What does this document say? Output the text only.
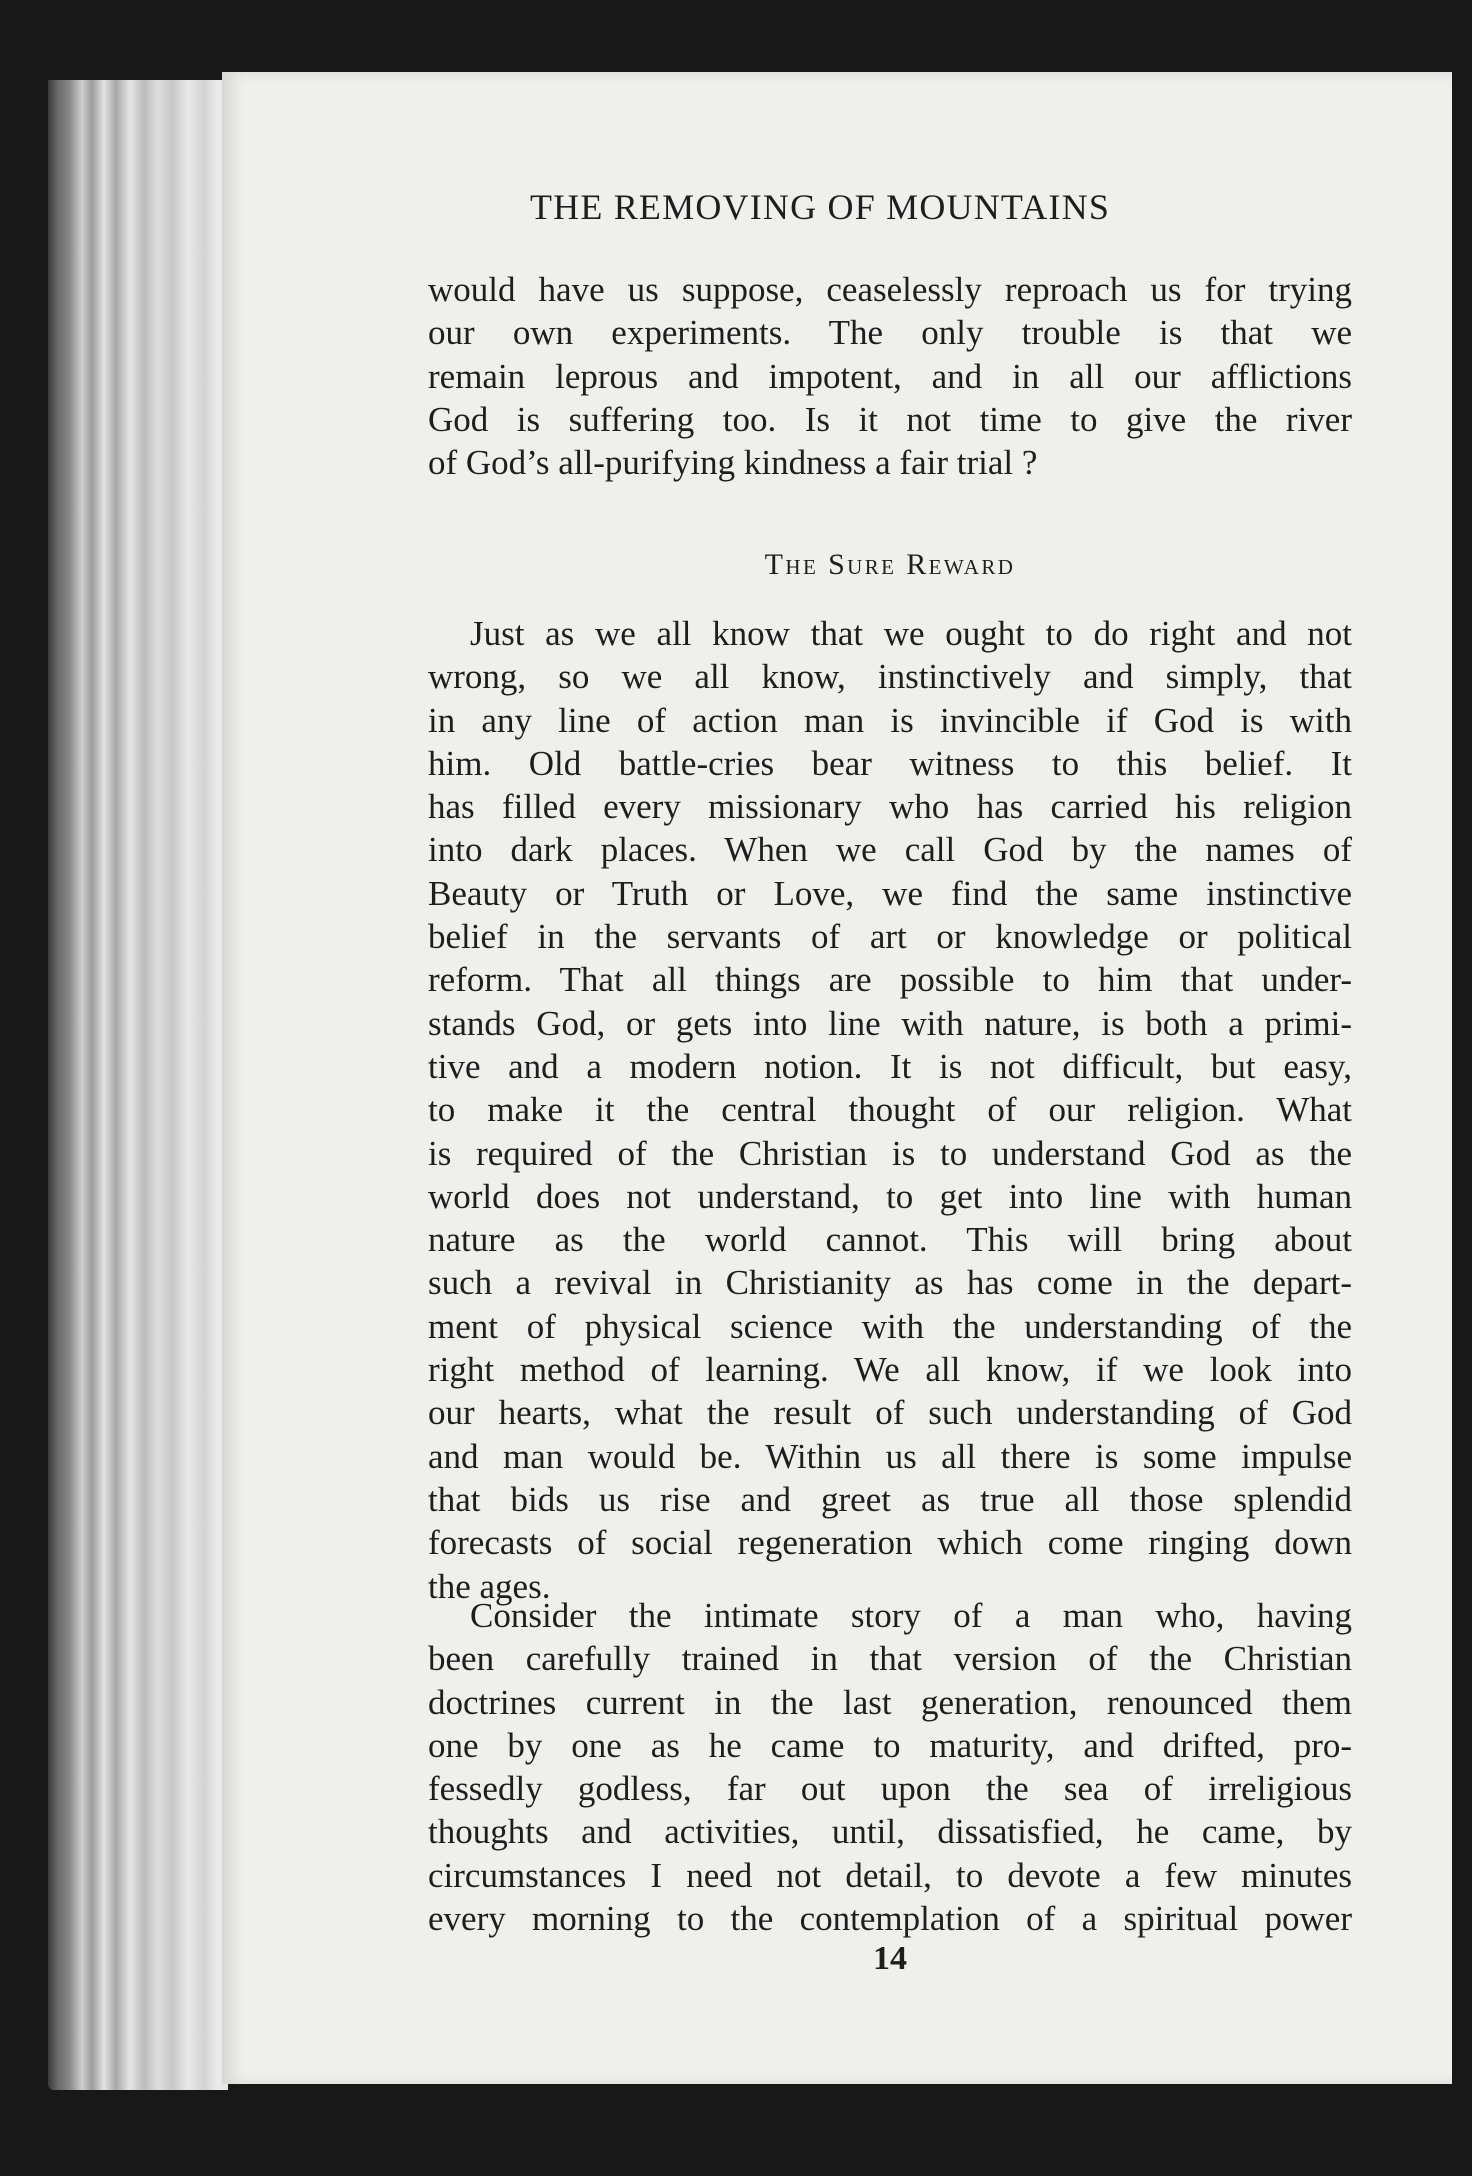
THE REMOVING OF MOUNTAINS
would have us suppose, ceaselessly reproach us for trying
our own experiments. The only trouble is that we
remain leprous and impotent, and in all our afflictions
God is suffering too. Is it not time to give the river
of God’s all-purifying kindness a fair trial ?
The Sure Reward
Just as we all know that we ought to do right and not
wrong, so we all know, instinctively and simply, that
in any line of action man is invincible if God is with
him. Old battle-cries bear witness to this belief. It
has filled every missionary who has carried his religion
into dark places. When we call God by the names of
Beauty or Truth or Love, we find the same instinctive
belief in the servants of art or knowledge or political
reform. That all things are possible to him that under-
stands God, or gets into line with nature, is both a primi-
tive and a modern notion. It is not difficult, but easy,
to make it the central thought of our religion. What
is required of the Christian is to understand God as the
world does not understand, to get into line with human
nature as the world cannot. This will bring about
such a revival in Christianity as has come in the depart-
ment of physical science with the understanding of the
right method of learning. We all know, if we look into
our hearts, what the result of such understanding of God
and man would be. Within us all there is some impulse
that bids us rise and greet as true all those splendid
forecasts of social regeneration which come ringing down
the ages.
Consider the intimate story of a man who, having
been carefully trained in that version of the Christian
doctrines current in the last generation, renounced them
one by one as he came to maturity, and drifted, pro-
fessedly godless, far out upon the sea of irreligious
thoughts and activities, until, dissatisfied, he came, by
circumstances I need not detail, to devote a few minutes
every morning to the contemplation of a spiritual power
14
